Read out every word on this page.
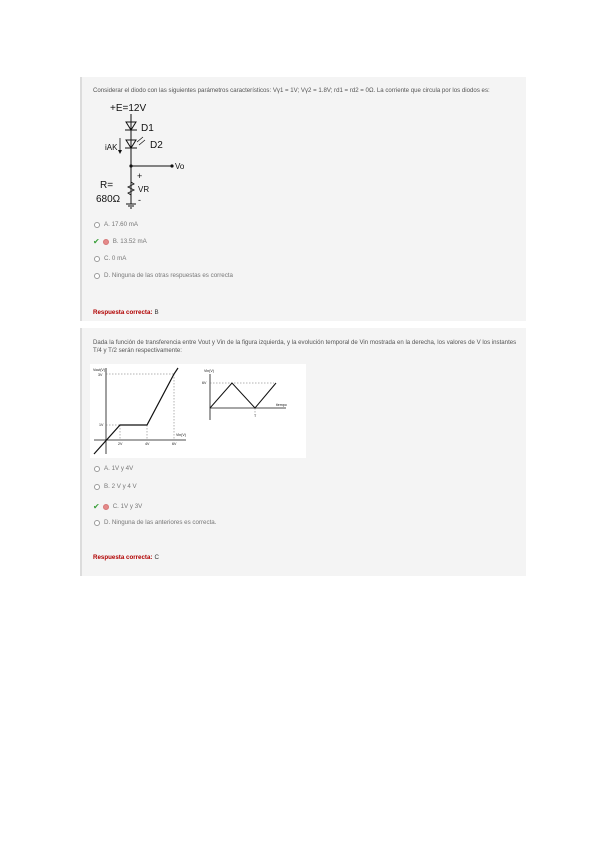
Considerar el diodo con las siguientes parámetros característicos: Vγ1 = 1V; Vγ2 = 1.8V; rd1 = rd2 = 0Ω. La corriente que circula por los diodos es:
+E=12V
D1
D2
iAK
Vo
+
VR
-
R=
680Ω
A. 17.60 mA
✔ B. 13.52 mA
C. 0 mA
D. Ninguna de las otras respuestas es correcta
Respuesta correcta: B
Dada la función de transferencia entre Vout y Vin de la figura izquierda, y la evolución temporal de Vin mostrada en la derecha, los valores de V los instantes T/4 y T/2 serán respectivamente:
Vout(V)
3V
1V
Vin(V)
2V	4V	6V
Vin(V)
6V
tiempo
T
A. 1V y 4V
B. 2 V y 4 V
✔ C. 1V y 3V
D. Ninguna de las anteriores es correcta.
Respuesta correcta: C
